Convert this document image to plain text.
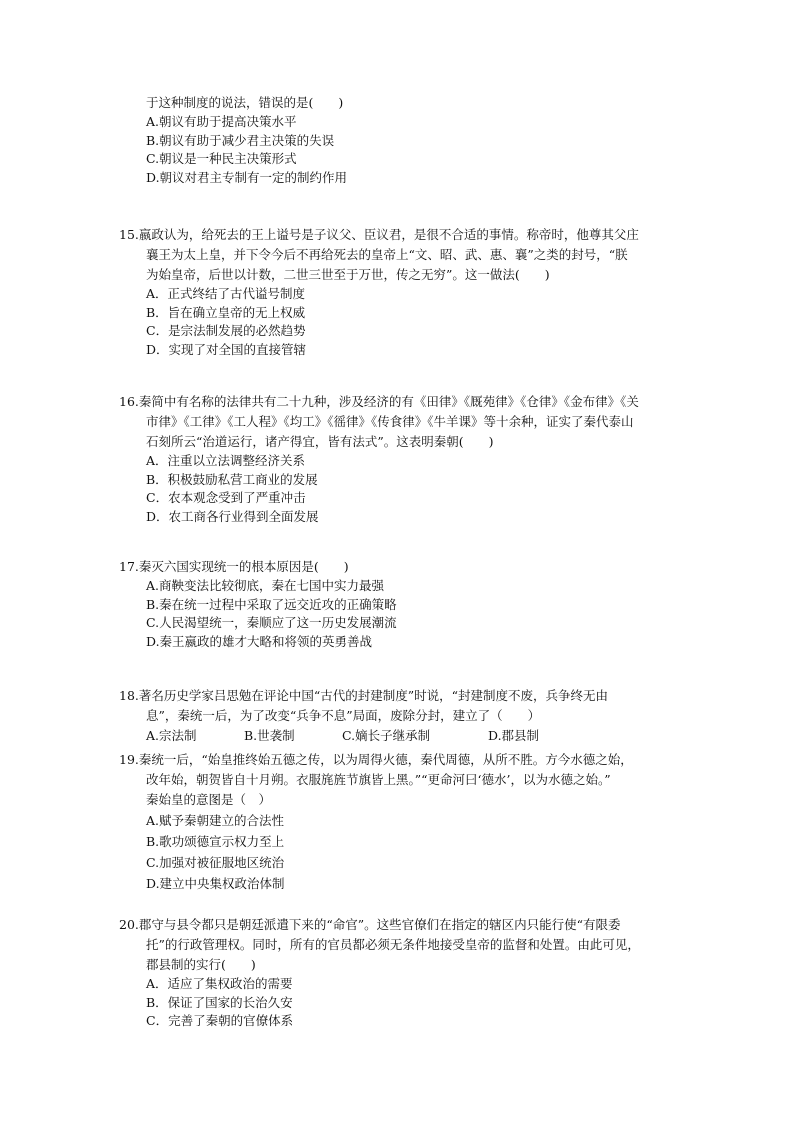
于这种制度的说法，错误的是(　　)
A.朝议有助于提高决策水平
B.朝议有助于减少君主决策的失误
C.朝议是一种民主决策形式
D.朝议对君主专制有一定的制约作用
15.嬴政认为，给死去的王上谥号是子议父、臣议君，是很不合适的事情。称帝时，他尊其父庄
襄王为太上皇，并下令今后不再给死去的皇帝上“文、昭、武、惠、襄”之类的封号，“朕
为始皇帝，后世以计数，二世三世至于万世，传之无穷”。这一做法(　　)
A．正式终结了古代谥号制度
B．旨在确立皇帝的无上权威
C．是宗法制发展的必然趋势
D．实现了对全国的直接管辖
16.秦简中有名称的法律共有二十九种，涉及经济的有《田律》《厩苑律》《仓律》《金布律》《关
市律》《工律》《工人程》《均工》《徭律》《传食律》《牛羊课》等十余种，证实了秦代泰山
石刻所云“治道运行，诸产得宜，皆有法式”。这表明秦朝(　　)
A．注重以立法调整经济关系
B．积极鼓励私营工商业的发展
C．农本观念受到了严重冲击
D．农工商各行业得到全面发展
17.秦灭六国实现统一的根本原因是(　　)
A.商鞅变法比较彻底，秦在七国中实力最强
B.秦在统一过程中采取了远交近攻的正确策略
C.人民渴望统一，秦顺应了这一历史发展潮流
D.秦王嬴政的雄才大略和将领的英勇善战
18.著名历史学家吕思勉在评论中国“古代的封建制度”时说，“封建制度不废，兵争终无由
息”，秦统一后，为了改变“兵争不息”局面，废除分封，建立了（　　）
A.宗法制	B.世袭制	C.嫡长子继承制	D.郡县制
19.秦统一后，“始皇推终始五德之传，以为周得火德，秦代周德，从所不胜。方今水德之始，
改年始，朝贺皆自十月朔。衣服旄旌节旗皆上黑。”“更命河曰‘德水’，以为水德之始。”
秦始皇的意图是（　）
A.赋予秦朝建立的合法性
B.歌功颂德宣示权力至上
C.加强对被征服地区统治
D.建立中央集权政治体制
20.郡守与县令都只是朝廷派遣下来的“命官”。这些官僚们在指定的辖区内只能行使“有限委
托”的行政管理权。同时，所有的官员都必须无条件地接受皇帝的监督和处置。由此可见，
郡县制的实行(　　)
A．适应了集权政治的需要
B．保证了国家的长治久安
C．完善了秦朝的官僚体系
